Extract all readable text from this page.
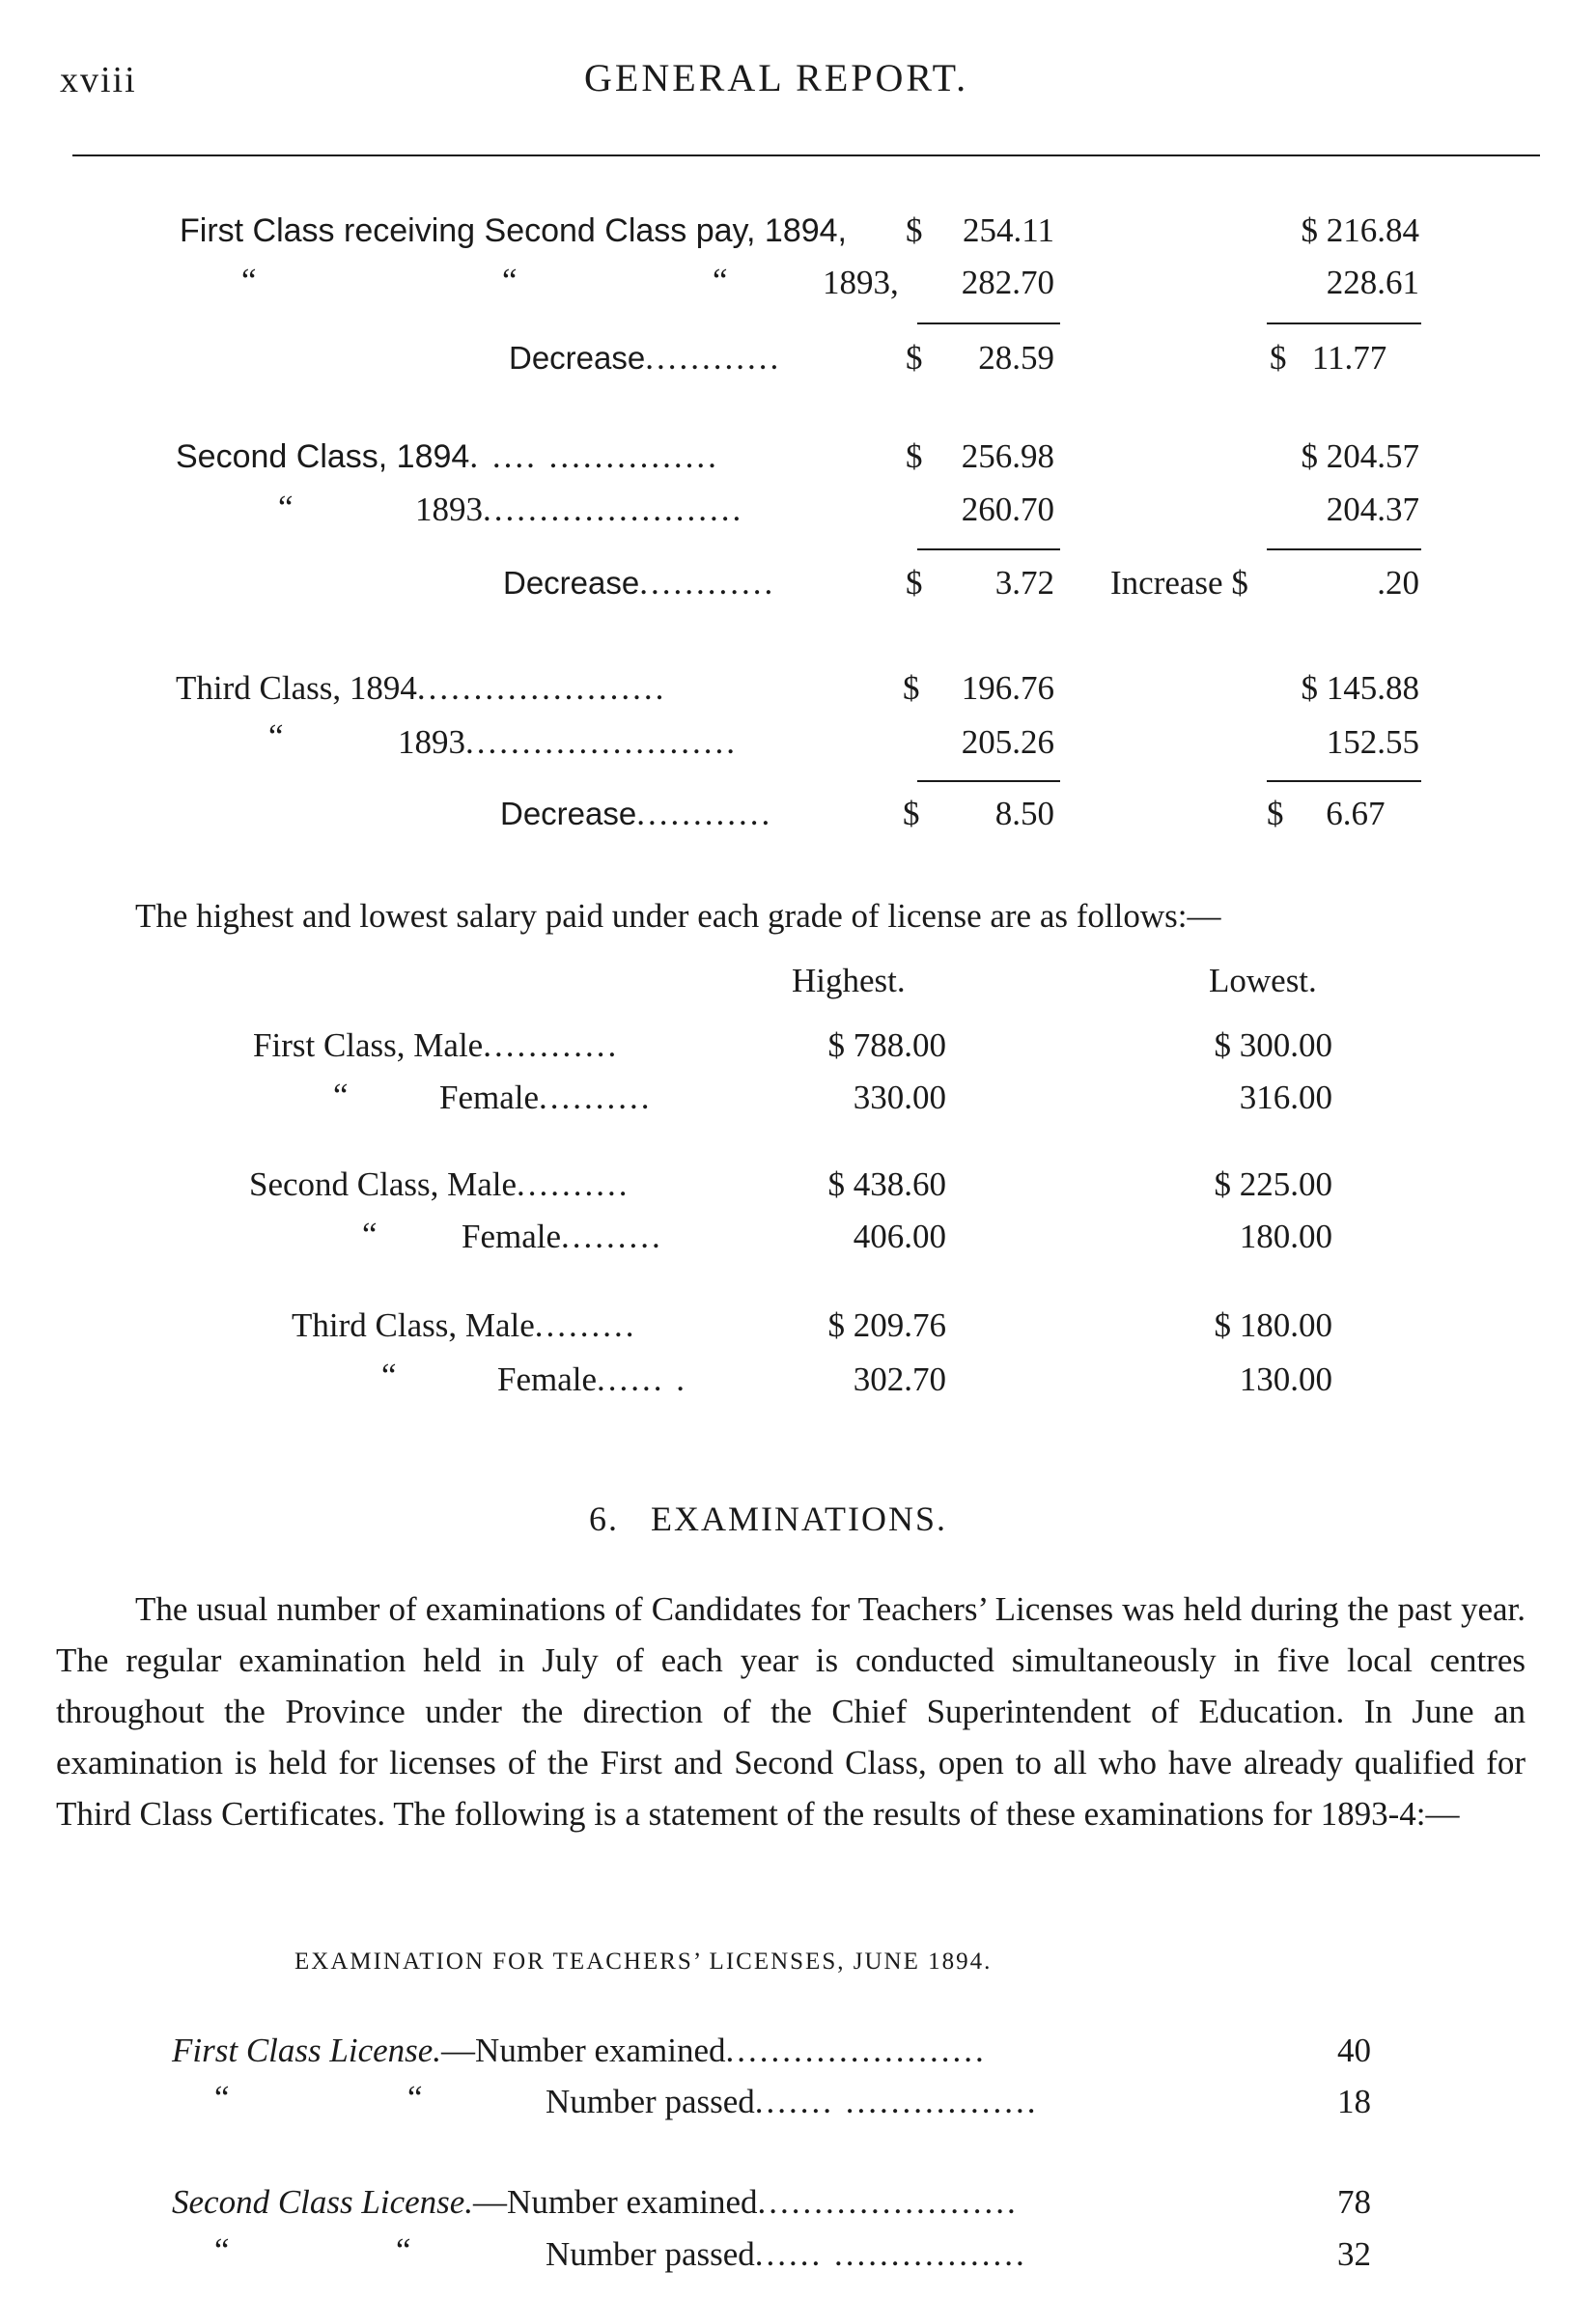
xviii	GENERAL REPORT.
First Class receiving Second Class pay, 1894, $	254.11	$ 216.84
“	“	“	1893,	282.70	228.61
Decrease............	$	28.59	$   11.77
Second Class, 1894. .... ...............	$	256.98	$ 204.57
“	1893.......................	260.70	204.37
Decrease............	$	3.72 Increase $	.20
Third Class, 1894......................	$	196.76	$ 145.88
“	1893........................	205.26	152.55
Decrease............	$	8.50	$     6.67
The highest and lowest salary paid under each grade of license are as follows:—
Highest.	Lowest.
First Class, Male............	$ 788.00	$ 300.00
“	Female..........	330.00	316.00
Second Class, Male..........	$ 438.60	$ 225.00
“ Female.........	406.00	180.00
Third Class, Male.........	$ 209.76	$ 180.00
“	Female...... .	302.70	130.00
6.   EXAMINATIONS.

The usual number of examinations of Candidates for Teachers’ Licenses was held during the past year. The regular examination held in July of each year is conducted simultaneously in five local centres throughout the Province under the direction of the Chief Superintendent of Education. In June an examination is held for licenses of the First and Second Class, open to all who have already qualified for Third Class Certificates. The following is a statement of the results of these examinations for 1893-4:—

EXAMINATION FOR TEACHERS’ LICENSES, JUNE 1894.
First Class License.—Number examined.......................	40
“	“	Number passed....... .................	18
Second Class License.—Number examined.......................	78
“	“	Number passed...... .................	32
